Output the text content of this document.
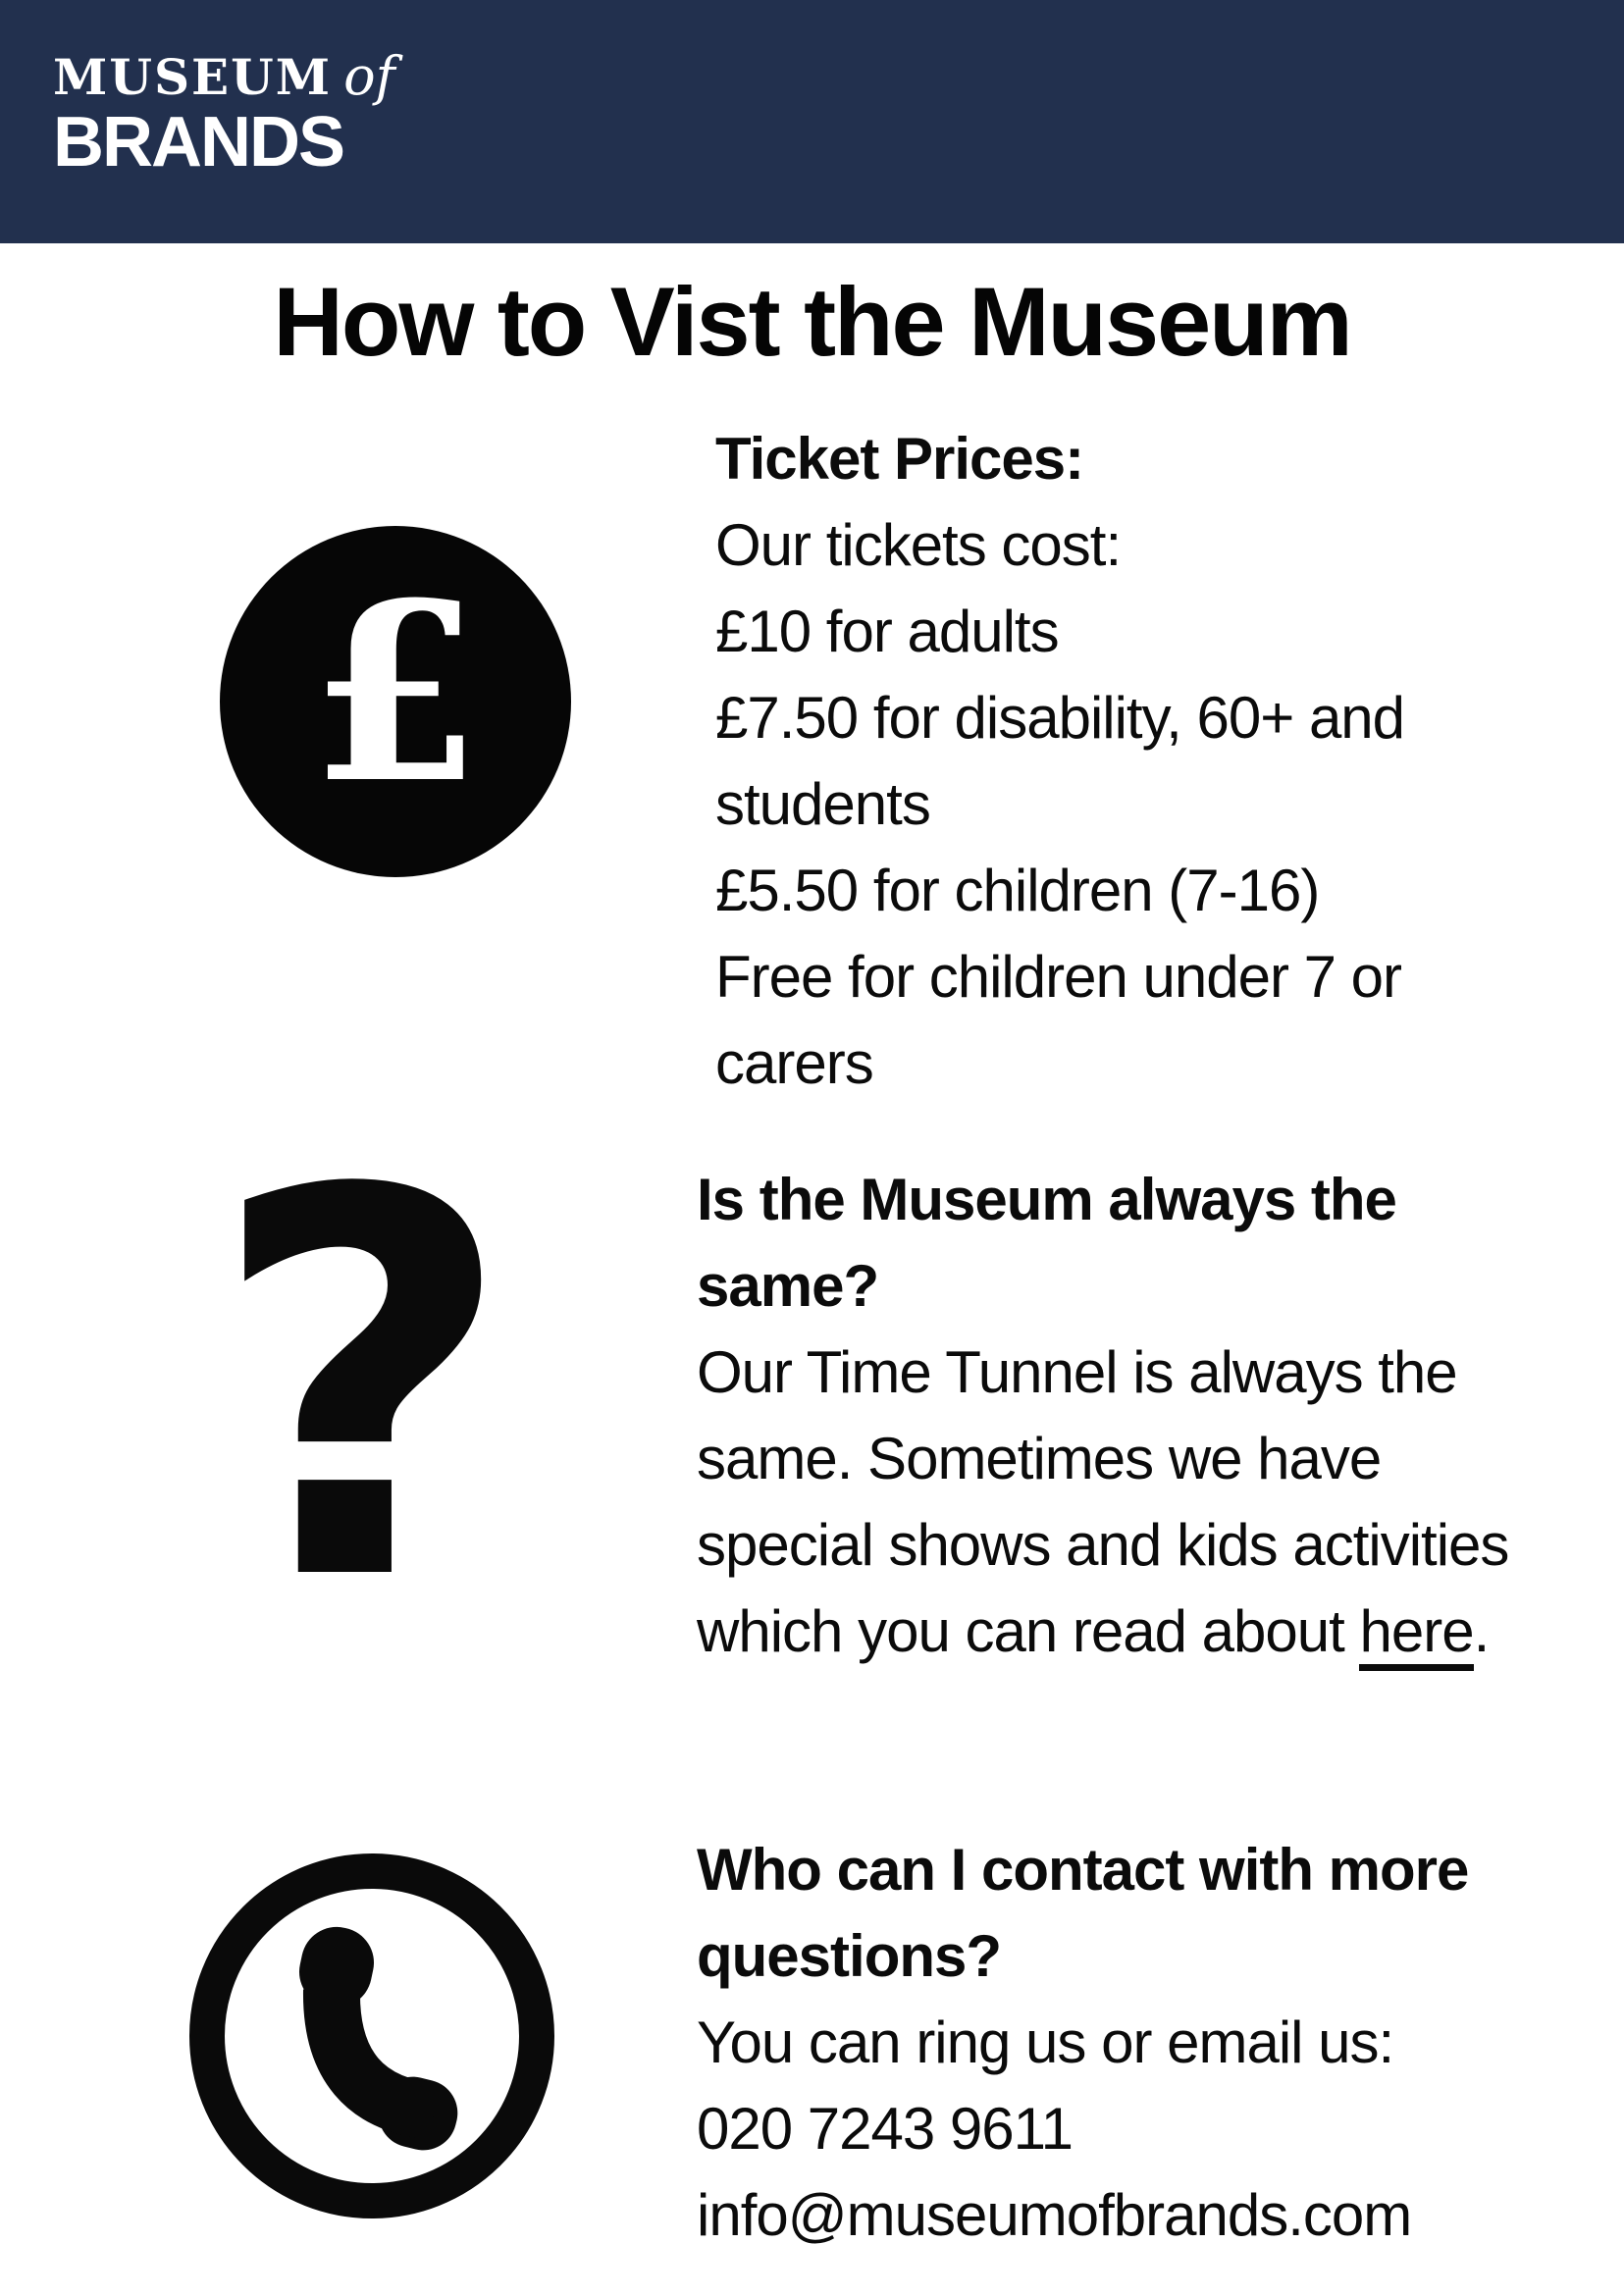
MUSEUM of
BRANDS
How to Vist the Museum
£
Ticket Prices:
Our tickets cost:
£10 for adults
£7.50 for disability, 60+ and
students
£5.50 for children (7-16)
Free for children under 7 or
carers
?	Is the Museum always the
same?
Our Time Tunnel is always the
same. Sometimes we have
special shows and kids activities
which you can read about here.
Who can I contact with more
questions?
You can ring us or email us:
020 7243 9611
info@museumofbrands.com
